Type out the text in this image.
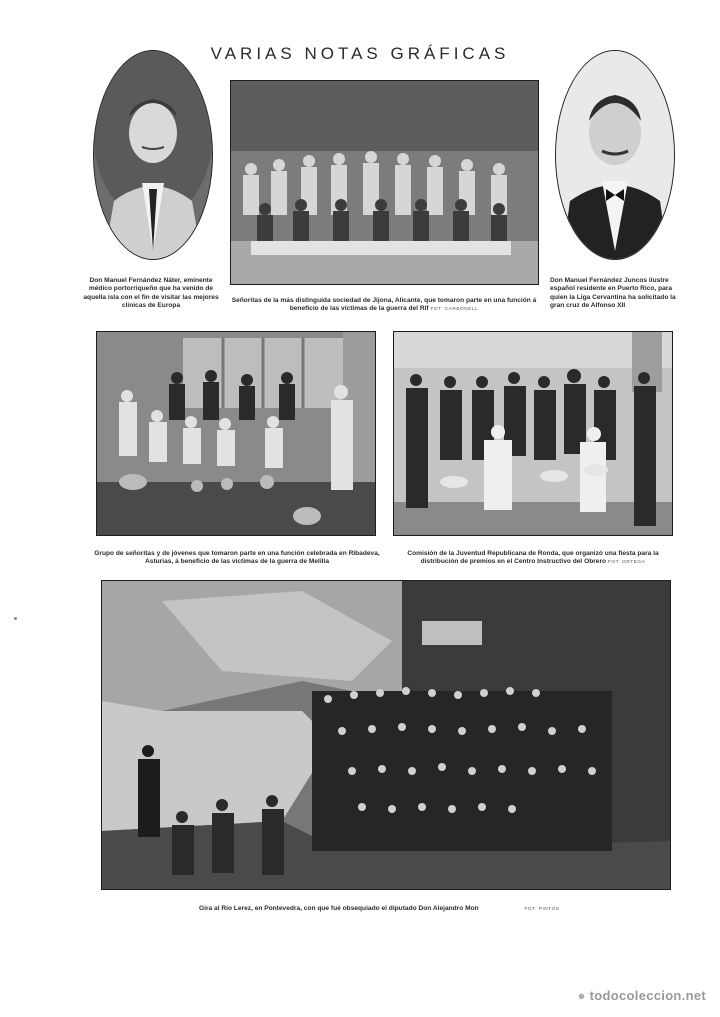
VARIAS NOTAS GRÁFICAS
Don Manuel Fernández Náter, eminente médico portorriqueño que ha venido de aquella isla con el fin de visitar las mejores clínicas de Europa
Don Manuel Fernández Juncos ilustre español residente en Puerto Rico, para quien la Liga Cervantina ha solicitado la gran cruz de Alfonso XII
Señoritas de la más distinguida sociedad de Jijona, Alicante, que tomaron parte en una función á beneficio de las víctimas de la guerra del Rif FOT. CARBONELL
Grupo de señoritas y de jóvenes que tomaron parte en una función celebrada en Ribadeva, Asturias, á beneficio de las víctimas de la guerra de Melilla
Comisión de la Juventud Republicana de Ronda, que organizó una fiesta para la distribución de premios en el Centro Instructivo del Obrero FOT. ORTEGA
Gira al Río Lerez, en Pontevedra, con que fué obsequiado el diputado Don Alejandro Mon	FOT. PINTOS
● todocoleccion.net
